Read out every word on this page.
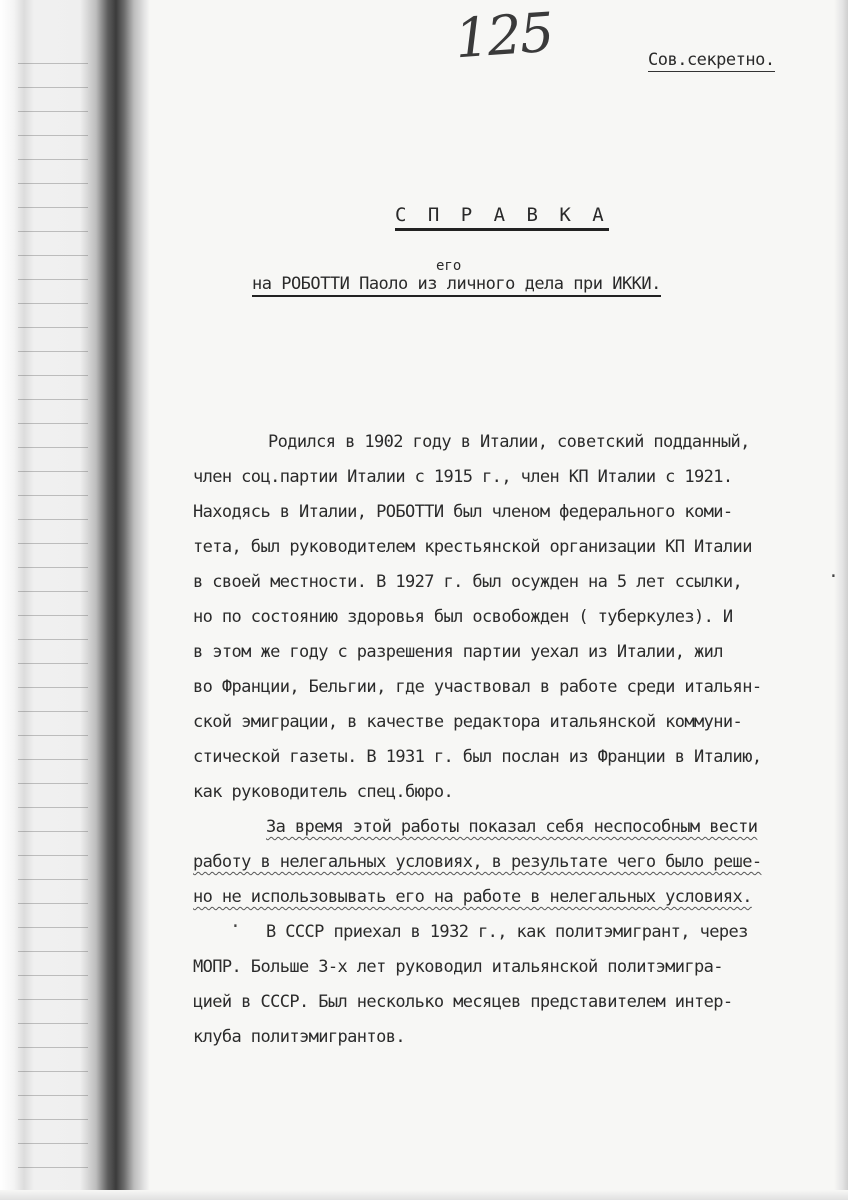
125	Сов.секретно.
С П Р А В К А
его
на РОБОТТИ Паоло из личного дела при ИККИ.
Родился в 1902 году в Италии, советский подданный,
член соц.партии Италии с 1915 г., член КП Италии с 1921.
Находясь в Италии, РОБОТТИ был членом федерального коми-
тета, был руководителем крестьянской организации КП Италии
в своей местности. В 1927 г. был осужден на 5 лет ссылки,
но по состоянию здоровья был освобожден ( туберкулез). И
в этом же году с разрешения партии уехал из Италии, жил
во Франции, Бельгии, где участвовал в работе среди итальян-
ской эмиграции, в качестве редактора итальянской коммуни-
стической газеты. В 1931 г. был послан из Франции в Италию,
как руководитель спец.бюро.
За время этой работы показал себя неспособным вести
работу в нелегальных условиях, в результате чего было реше-
но не использовывать его на работе в нелегальных условиях.
В СССР приехал в 1932 г., как политэмигрант, через
МОПР. Больше 3-х лет руководил итальянской политэмигра-
цией в СССР. Был несколько месяцев представителем интер-
клуба политэмигрантов.
·
·
